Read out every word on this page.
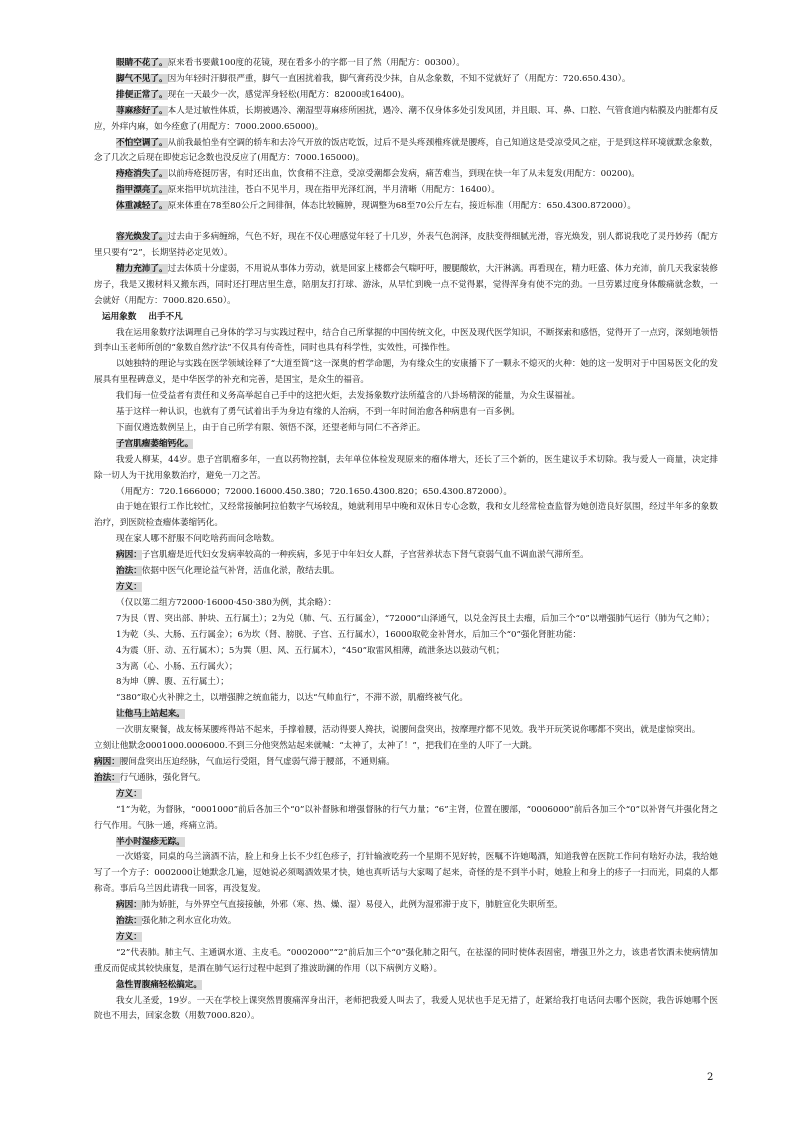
眼睛不花了。原来看书要戴100度的花镜，现在看多小的字都一目了然（用配方：00300）。

脚气不见了。因为年轻时汗脚很严重，脚气一直困扰着我，脚气膏药没少抹，自从念象数，不知不觉就好了（用配方：720.650.430）。

排便正常了。现在一天最少一次，感觉浑身轻松(用配方：82000或16400)。

荨麻疹好了。本人是过敏性体质，长期被遇冷、潮湿型荨麻疹所困扰，遇冷、潮不仅身体多处引发风团，并且眼、耳、鼻、口腔、气管食道内粘膜及内脏都有反应，外痒内麻，如今痊愈了(用配方：7000.2000.65000)。

不怕空调了。从前我最怕坐有空调的轿车和去冷气开放的饭店吃饭，过后不是头疼颈椎疼就是腰疼，自己知道这是受凉受风之症，于是到这样环境就默念象数，念了几次之后现在即使忘记念数也没反应了(用配方：7000.165000)。

痔疮消失了。以前痔疮挺厉害，有时还出血，饮食稍不注意，受凉受潮都会发病，痛苦难当，到现在快一年了从未复发(用配方：00200)。

指甲漂亮了。原来指甲坑坑洼洼，苍白不见半月，现在指甲光泽红润，半月清晰（用配方：16400）。

体重减轻了。原来体重在78至80公斤之间徘徊，体态比较臃肿，现调整为68至70公斤左右，接近标准（用配方：650.4300.872000）。

容光焕发了。过去由于多病缠绵，气色不好，现在不仅心理感觉年轻了十几岁，外表气色润泽，皮肤变得细腻光滑，容光焕发，别人都说我吃了灵丹妙药（配方里只要有“2”，长期坚持必定见效）。

精力充沛了。过去体质十分虚弱，不用说从事体力劳动，就是回家上楼都会气喘吁吁，腰腿酸软，大汗淋漓。再看现在，精力旺盛、体力充沛，前几天我家装修房子，我是又搬材料又搬东西，同时还打理店里生意，陪朋友打打球、游泳，从早忙到晚一点不觉得累，觉得浑身有使不完的劲。一旦劳累过度身体酸痛就念数，一会就好（用配方：7000.820.650）。

运用象数    出手不凡

我在运用象数疗法调理自己身体的学习与实践过程中，结合自己所掌握的中国传统文化，中医及现代医学知识，不断探索和感悟，觉得开了一点窍，深刻地领悟到李山玉老师所创的“象数自然疗法”不仅具有传奇性，同时也具有科学性，实效性，可操作性。

以她独特的理论与实践在医学领域诠释了“大道至简”这一深奥的哲学命题，为有缘众生的安康播下了一颗永不熄灭的火种：她的这一发明对于中国易医文化的发展具有里程碑意义，是中华医学的补充和完善，是国宝，是众生的福音。

我们每一位受益者有责任和义务高举起自己手中的这把火炬，去发扬象数疗法所蕴含的八卦场精深的能量，为众生谋福祉。

基于这样一种认识，也就有了勇气试着出手为身边有缘的人治病，不到一年时间治愈各种病患有一百多例。

下面仅遴选数例呈上，由于自己所学有限、领悟不深，还望老师与同仁不吝斧正。

子宫肌瘤萎缩钙化。

我爱人柳某，44岁。患子宫肌瘤多年，一直以药物控制，去年单位体检发现原来的瘤体增大，还长了三个新的，医生建议手术切除。我与爱人一商量，决定排除一切人为干扰用象数治疗，避免一刀之苦。

（用配方：720.1666000；72000.16000.450.380；720.1650.4300.820；650.4300.872000）。

由于她在银行工作比较忙，又经常接触阿拉伯数字气场较乱，她就利用早中晚和双休日专心念数，我和女儿经常检查监督为她创造良好氛围，经过半年多的象数治疗，到医院检查瘤体萎缩钙化。

现在家人哪不舒服不问吃啥药而问念啥数。

病因：子宫肌瘤是近代妇女发病率较高的一种疾病，多见于中年妇女人群，子宫营养状态下肾气衰弱气血不调血淤气滞所至。

治法：依据中医气化理论益气补肾，活血化淤，散结去肌。

方义：

（仅以第二组方72000·16000·450·380为例，其余略）：

7为艮（胃、突出部、肿块、五行属土）；2为兑（肺、气、五行属金），“72000”山泽通气，以兑金泻艮土去瘤，后加三个“0”以增强肺气运行（肺为气之帅）；

1为乾（头、大肠、五行属金）；6为坎（肾、膀胱、子宫、五行属水），16000取乾金补肾水，后加三个“0”强化肾脏功能：

4为震（肝、动、五行属木）；5为巽（胆、风、五行属木），“450”取雷风相薄，疏泄条达以鼓动气机；

3为离（心、小肠、五行属火）；

8为坤（脾、腹、五行属土）；

“380”取心火补脾之土，以增强脾之统血能力，以达“气帅血行”，不滞不淤，肌瘤终被气化。

让他马上站起来。

一次朋友聚餐，战友杨某腰疼得站不起来，手撑着腰，活动得要人搀扶，说腰间盘突出，按摩理疗都不见效。我半开玩笑说你哪都不突出，就是虚惊突出。

立刻让他默念0001000.0006000.不到三分他突然站起来就喊：“太神了，太神了！”，把我们在坐的人吓了一大跳。

病因：腰间盘突出压迫经脉，气血运行受阻，肾气虚弱气滞于腰部，不通则痛。

治法：行气通脉，强化肾气。

方义：

“1”为乾，为督脉，“0001000”前后各加三个“0”以补督脉和增强督脉的行气力量；“6”主肾，位置在腰部，“0006000”前后各加三个“0”以补肾气并强化肾之行气作用。气脉一通，疼痛立消。

半小时湿疹无踪。

一次婚宴，同桌的乌兰滴酒不沾，脸上和身上长不少红色疹子，打针输液吃药一个星期不见好转，医嘱不许她喝酒，知道我曾在医院工作问有啥好办法，我给她写了一个方子：0002000让她默念几遍，逗她说必须喝酒效果才快，她也真听话与大家喝了起来，奇怪的是不到半小时，她脸上和身上的疹子一扫而光，同桌的人都称奇。事后乌兰因此请我一回客，再没复发。

病因：肺为娇脏，与外界空气直接接触，外邪（寒、热、燥、湿）易侵入，此例为湿邪滞于皮下，肺脏宣化失职所至。

治法：强化肺之利水宣化功效。

方义：

“2”代表肺。肺主气、主通调水道、主皮毛。“0002000”“2”前后加三个“0”强化肺之阳气，在祛湿的同时使体表固密，增强卫外之力，该患者饮酒未使病情加重反而促成其较快康复，是酒在肺气运行过程中起到了推波助澜的作用（以下病例方义略）。

急性胃腹痛轻松搞定。

我女儿圣爱，19岁。一天在学校上课突然胃腹痛浑身出汗，老师把我爱人叫去了，我爱人见状也手足无措了，赶紧给我打电话问去哪个医院，我告诉她哪个医院也不用去，回家念数（用数7000.820）。

2
